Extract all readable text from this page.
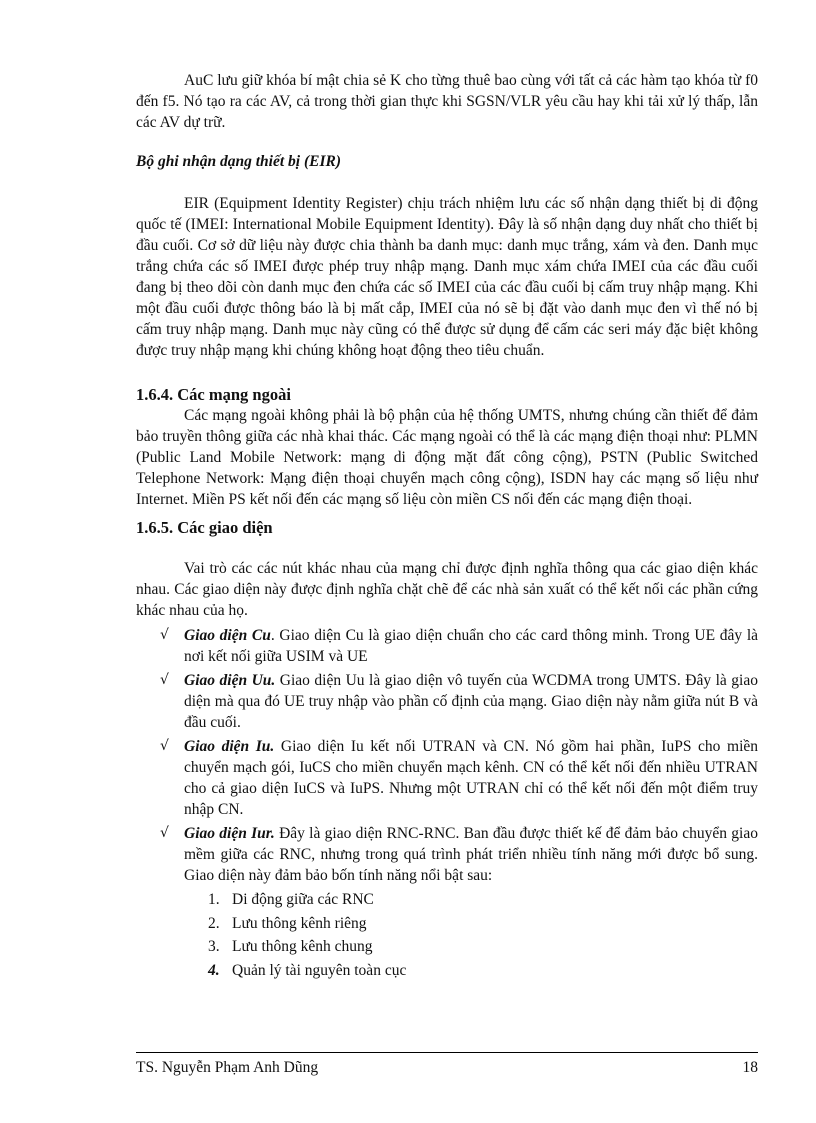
AuC lưu giữ khóa bí mật chia sẻ K cho từng thuê bao cùng với tất cả các hàm tạo khóa từ f0 đến f5. Nó tạo ra các AV, cả trong thời gian thực khi SGSN/VLR yêu cầu hay khi tải xử lý thấp, lẫn các AV dự trữ.

Bộ ghi nhận dạng thiết bị (EIR)

EIR (Equipment Identity Register) chịu trách nhiệm lưu các số nhận dạng thiết bị di động quốc tế (IMEI: International Mobile Equipment Identity). Đây là số nhận dạng duy nhất cho thiết bị đầu cuối. Cơ sở dữ liệu này được chia thành ba danh mục: danh mục trắng, xám và đen. Danh mục trắng chứa các số IMEI được phép truy nhập mạng. Danh mục xám chứa IMEI của các đầu cuối đang bị theo dõi còn danh mục đen chứa các số IMEI của các đầu cuối bị cấm truy nhập mạng. Khi một đầu cuối được thông báo là bị mất cắp, IMEI của nó sẽ bị đặt vào danh mục đen vì thế nó bị cấm truy nhập mạng. Danh mục này cũng có thể được sử dụng để cấm các seri máy đặc biệt không được truy nhập mạng khi chúng không hoạt động theo tiêu chuẩn.

1.6.4. Các mạng ngoài

Các mạng ngoài không phải là bộ phận của hệ thống UMTS, nhưng chúng cần thiết để đảm bảo truyền thông giữa các nhà khai thác. Các mạng ngoài có thể là các mạng điện thoại như: PLMN (Public Land Mobile Network: mạng di động mặt đất công cộng), PSTN (Public Switched Telephone Network: Mạng điện thoại chuyển mạch công cộng), ISDN hay các mạng số liệu như Internet. Miền PS kết nối đến các mạng số liệu còn miền CS nối đến các mạng điện thoại.

1.6.5. Các giao diện

Vai trò các các nút khác nhau của mạng chỉ được định nghĩa thông qua các giao diện khác nhau. Các giao diện này được định nghĩa chặt chẽ để các nhà sản xuất có thể kết nối các phần cứng khác nhau của họ.

√ Giao diện Cu. Giao diện Cu là giao diện chuẩn cho các card thông minh. Trong UE đây là nơi kết nối giữa USIM và UE
√ Giao diện Uu. Giao diện Uu là giao diện vô tuyến của WCDMA trong UMTS. Đây là giao diện mà qua đó UE truy nhập vào phần cố định của mạng. Giao diện này nằm giữa nút B và đầu cuối.
√ Giao diện Iu. Giao diện Iu kết nối UTRAN và CN. Nó gồm hai phần, IuPS cho miền chuyển mạch gói, IuCS cho miền chuyển mạch kênh. CN có thể kết nối đến nhiều UTRAN cho cả giao diện IuCS và IuPS. Nhưng một UTRAN chỉ có thể kết nối đến một điểm truy nhập CN.
√ Giao diện Iur. Đây là giao diện RNC-RNC. Ban đầu được thiết kế để đảm bảo chuyển giao mềm giữa các RNC, nhưng trong quá trình phát triển nhiều tính năng mới được bổ sung. Giao diện này đảm bảo bốn tính năng nổi bật sau:
1. Di động giữa các RNC
2. Lưu thông kênh riêng
3. Lưu thông kênh chung
4. Quản lý tài nguyên toàn cục
TS. Nguyễn Phạm Anh Dũng	18
